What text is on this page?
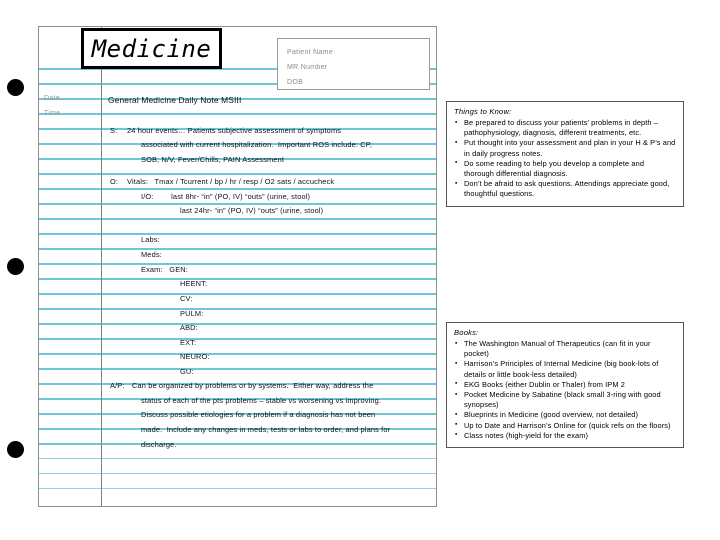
Date
Time
General Medicine Daily Note MSIII
S: 24 hour events… Patients subjective assessment of symptoms
associated with current hospitalization.  Important ROS include: CP,
SOB, N/V, Fever/Chills, PAIN Assessment
O: Vitals:   Tmax / Tcurrent / bp / hr / resp / O2 sats / accucheck
I/O:        last 8hr- “in” (PO, IV) “outs” (urine, stool)
last 24hr- “in” (PO, IV) “outs” (urine, stool)
Labs:
Meds:
Exam:   GEN:
HEENT:
CV:
PULM:
ABD:
EXT:
NEURO:
GU:
A/P: Can be organized by problems or by systems.  Either way, address the
status of each of the pts problems – stable vs worsening vs improving.
Discuss possible etiologies for a problem if a diagnosis has not been
made.  Include any changes in meds, tests or labs to order, and plans for
discharge.
Medicine	Patient Name
MR Number
DOB
Things to Know:
▪ Be prepared to discuss your patients’ problems in depth – pathophysiology, diagnosis, different treatments, etc.
▪ Put thought into your assessment and plan in your H & P’s and in daily progress notes.
▪ Do some reading to help you develop a complete and thorough differential diagnosis.
▪ Don’t be afraid to ask questions. Attendings appreciate good, thoughtful questions.
Books:
▪ The Washington Manual of Therapeutics (can fit in your pocket)
▪ Harrison’s Principles of Internal Medicine (big book-lots of details or little book-less detailed)
▪ EKG Books (either Dublin or Thaler) from IPM 2
▪ Pocket Medicine by Sabatine (black small 3-ring with good synopses)
▪ Blueprints in Medicine (good overview, not detailed)
▪ Up to Date and Harrison’s Online for (quick refs on the floors)
▪ Class notes (high-yield for the exam)
